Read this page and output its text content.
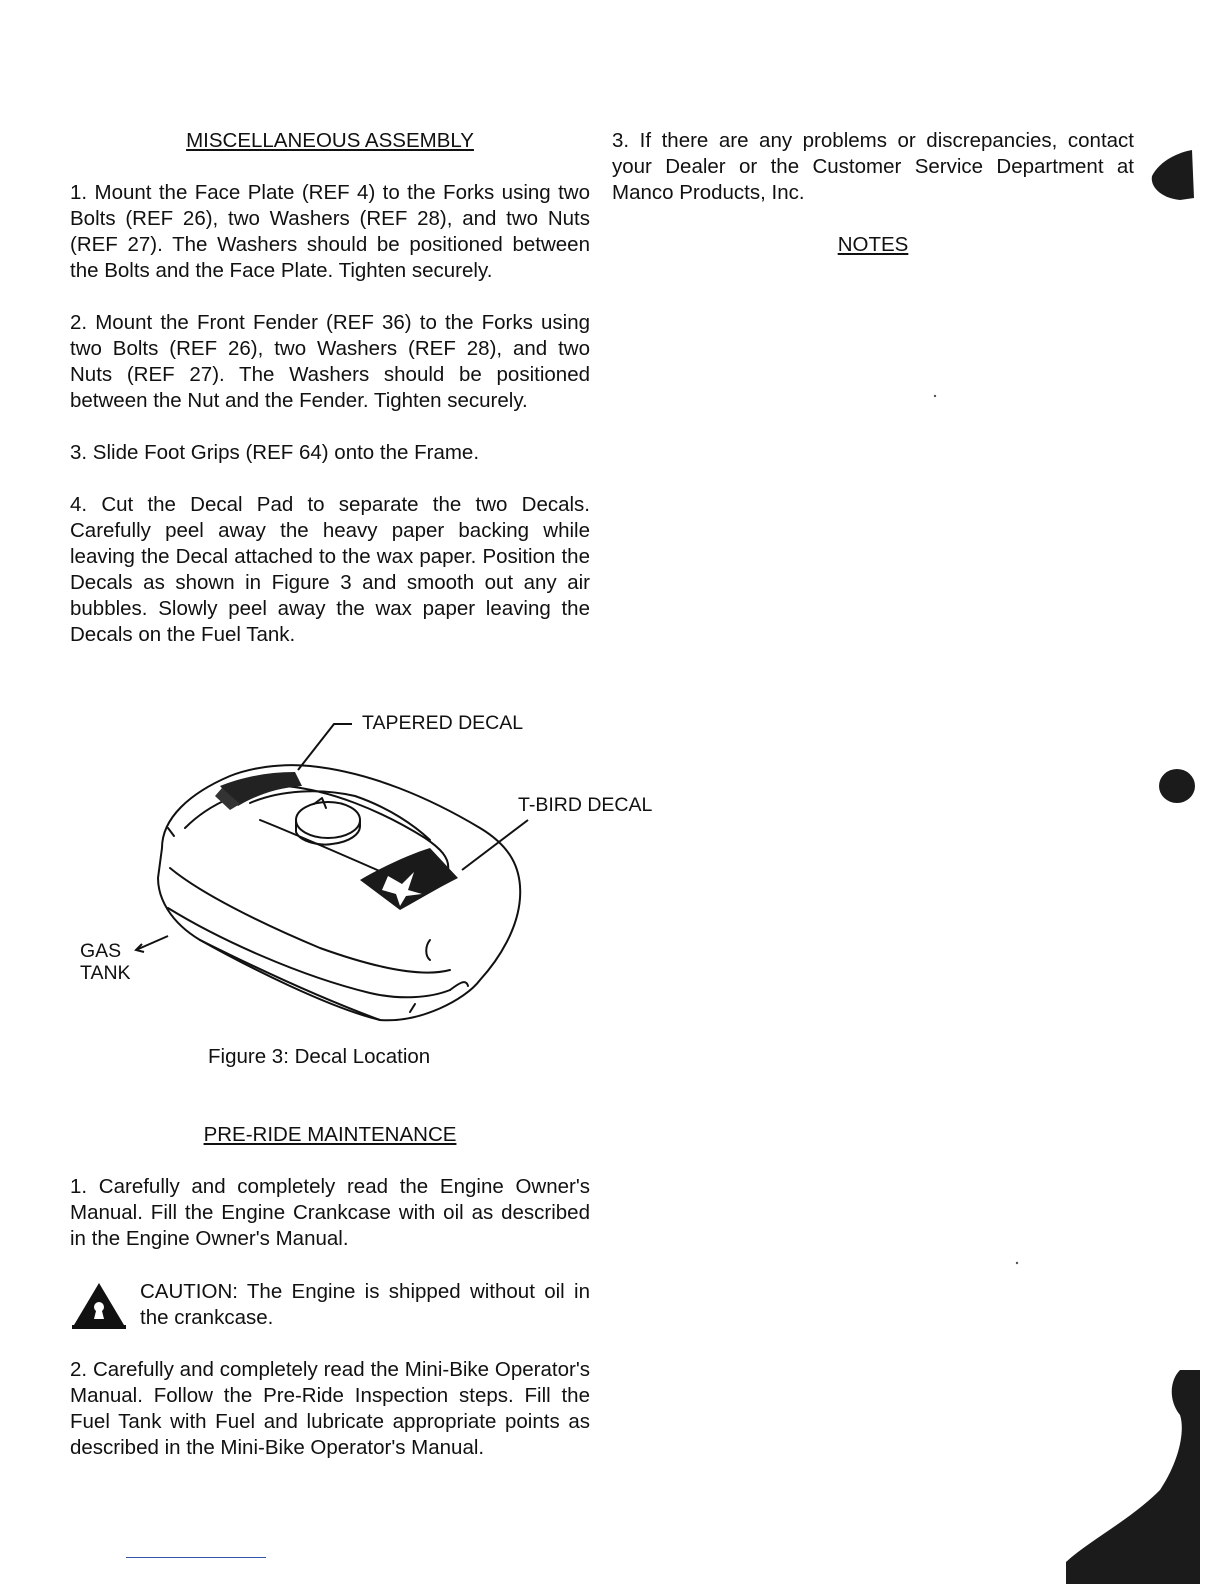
MISCELLANEOUS ASSEMBLY

1. Mount the Face Plate (REF 4) to the Forks using two Bolts (REF 26), two Washers (REF 28), and two Nuts (REF 27). The Washers should be positioned between the Bolts and the Face Plate. Tighten securely.

2. Mount the Front Fender (REF 36) to the Forks using two Bolts (REF 26), two Washers (REF 28), and two Nuts (REF 27). The Washers should be positioned between the Nut and the Fender. Tighten securely.

3. Slide Foot Grips (REF 64) onto the Frame.

4. Cut the Decal Pad to separate the two Decals. Carefully peel away the heavy paper backing while leaving the Decal attached to the wax paper. Position the Decals as shown in Figure 3 and smooth out any air bubbles. Slowly peel away the wax paper leaving the Decals on the Fuel Tank.

TAPERED DECAL
T-BIRD DECAL
GAS
TANK
Figure 3: Decal Location

PRE-RIDE MAINTENANCE

1. Carefully and completely read the Engine Owner's Manual. Fill the Engine Crankcase with oil as described in the Engine Owner's Manual.

CAUTION: The Engine is shipped without oil in the crankcase.

2. Carefully and completely read the Mini-Bike Operator's Manual. Follow the Pre-Ride Inspection steps. Fill the Fuel Tank with Fuel and lubricate appropriate points as described in the Mini-Bike Operator's Manual.

3. If there are any problems or discrepancies, contact your Dealer or the Customer Service Department at Manco Products, Inc.

NOTES
